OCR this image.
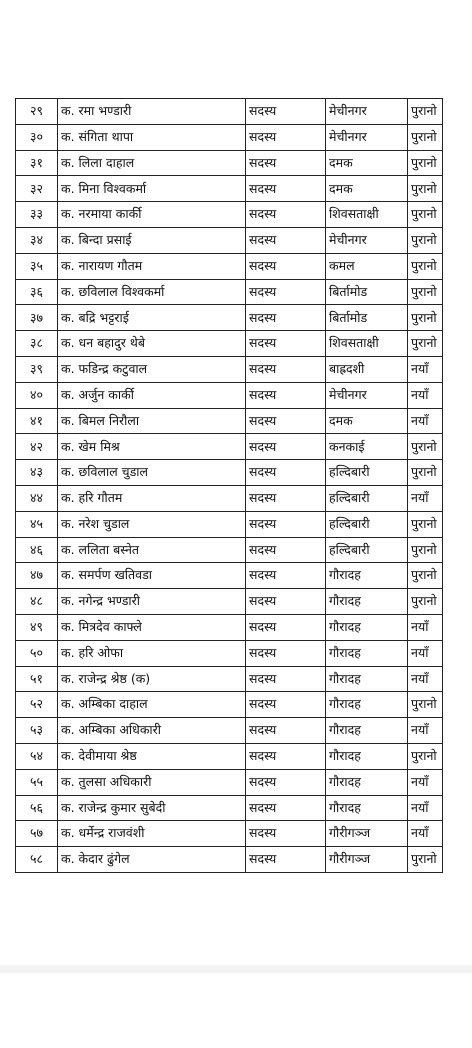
२९	क. रमा भण्डारी	सदस्य	मेचीनगर	पुरानो
३०	क. संगिता थापा	सदस्य	मेचीनगर	पुरानो
३१	क. लिला दाहाल	सदस्य	दमक	पुरानो
३२	क. मिना विश्वकर्मा	सदस्य	दमक	पुरानो
३३	क. नरमाया कार्की	सदस्य	शिवसताक्षी	पुरानो
३४	क. बिन्दा प्रसाई	सदस्य	मेचीनगर	पुरानो
३५	क. नारायण गौतम	सदस्य	कमल	पुरानो
३६	क. छविलाल विश्वकर्मा	सदस्य	बिर्तामोड	पुरानो
३७	क. बद्रि भट्टराई	सदस्य	बिर्तामोड	पुरानो
३८	क. धन बहादुर थेबे	सदस्य	शिवसताक्षी	पुरानो
३९	क. फडिन्द्र कटुवाल	सदस्य	बाह्रदशी	नयाँ
४०	क. अर्जुन कार्की	सदस्य	मेचीनगर	नयाँ
४१	क. बिमल निरौला	सदस्य	दमक	नयाँ
४२	क. खेम मिश्र	सदस्य	कनकाई	पुरानो
४३	क. छविलाल चुडाल	सदस्य	हल्दिबारी	पुरानो
४४	क. हरि गौतम	सदस्य	हल्दिबारी	नयाँ
४५	क. नरेश चुडाल	सदस्य	हल्दिबारी	पुरानो
४६	क. ललिता बस्नेत	सदस्य	हल्दिबारी	पुरानो
४७	क. समर्पण खतिवडा	सदस्य	गौरादह	पुरानो
४८	क. नगेन्द्र भण्डारी	सदस्य	गौरादह	पुरानो
४९	क. मित्रदेव काफ्ले	सदस्य	गौरादह	नयाँ
५०	क. हरि ओफा	सदस्य	गौरादह	नयाँ
५१	क. राजेन्द्र श्रेष्ठ (क)	सदस्य	गौरादह	नयाँ
५२	क. अम्बिका दाहाल	सदस्य	गौरादह	पुरानो
५३	क. अम्बिका अधिकारी	सदस्य	गौरादह	नयाँ
५४	क. देवीमाया श्रेष्ठ	सदस्य	गौरादह	पुरानो
५५	क. तुलसा अधिकारी	सदस्य	गौरादह	नयाँ
५६	क. राजेन्द्र कुमार सुबेदी	सदस्य	गौरादह	नयाँ
५७	क. धर्मेन्द्र राजवंशी	सदस्य	गौरीगञ्ज	नयाँ
५८	क. केदार ढुंगेल	सदस्य	गौरीगञ्ज	पुरानो
